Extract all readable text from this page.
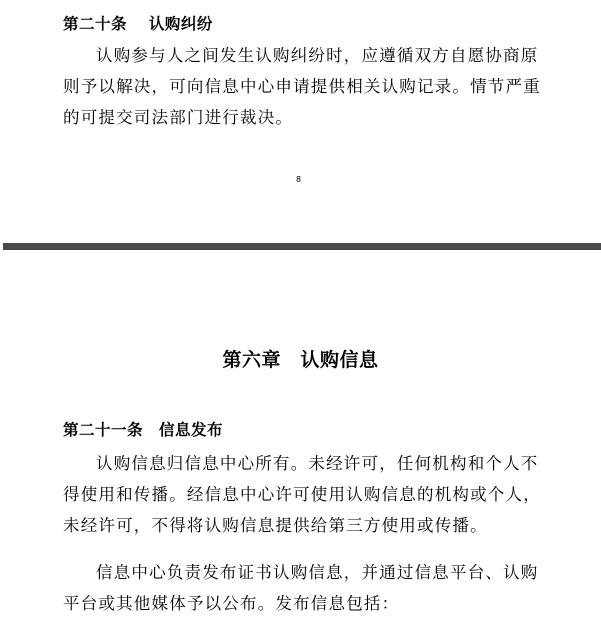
第二十条　 认购纠纷

认购参与人之间发生认购纠纷时，应遵循双方自愿协商原则予以解决，可向信息中心申请提供相关认购记录。情节严重的可提交司法部门进行裁决。

8
第六章　认购信息
第二十一条　信息发布

认购信息归信息中心所有。未经许可，任何机构和个人不得使用和传播。经信息中心许可使用认购信息的机构或个人，未经许可，不得将认购信息提供给第三方使用或传播。

信息中心负责发布证书认购信息，并通过信息平台、认购平台或其他媒体予以公布。发布信息包括：
